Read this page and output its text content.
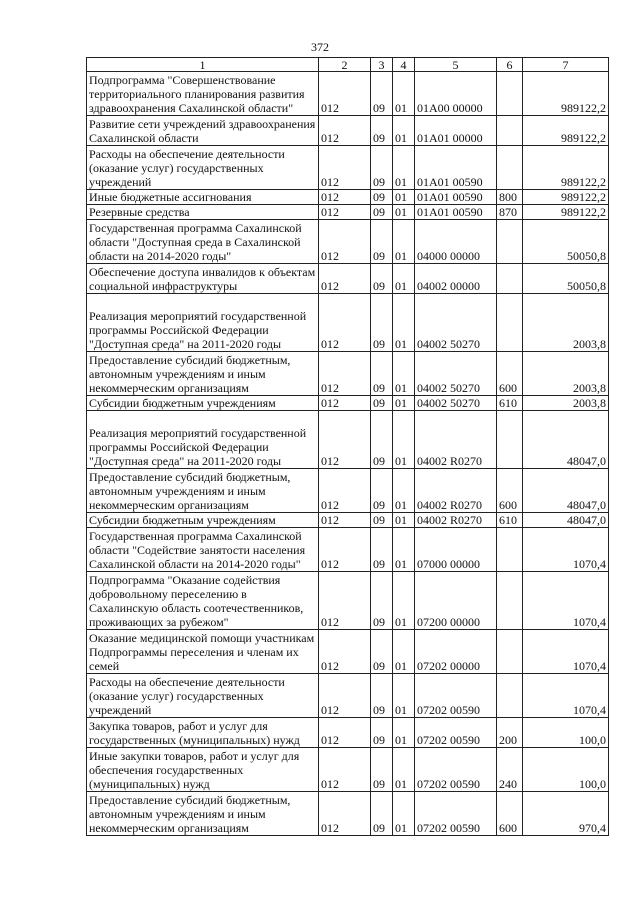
372
1	2	3	4	5	6	7
Подпрограмма "Совершенствование территориального планирования развития здравоохранения Сахалинской области"	012	09	01	01А00 00000		989122,2
Развитие сети учреждений здравоохранения Сахалинской области	012	09	01	01А01 00000		989122,2
Расходы на обеспечение деятельности (оказание услуг) государственных учреждений	012	09	01	01А01 00590		989122,2
Иные бюджетные ассигнования	012	09	01	01А01 00590	800	989122,2
Резервные средства	012	09	01	01А01 00590	870	989122,2
Государственная программа Сахалинской области "Доступная среда в Сахалинской области на 2014-2020 годы"	012	09	01	04000 00000		50050,8
Обеспечение доступа инвалидов к объектам социальной инфраструктуры	012	09	01	04002 00000		50050,8
Реализация мероприятий государственной программы Российской Федерации "Доступная среда" на 2011-2020 годы	012	09	01	04002 50270		2003,8
Предоставление субсидий бюджетным, автономным учреждениям и иным некоммерческим организациям	012	09	01	04002 50270	600	2003,8
Субсидии бюджетным учреждениям	012	09	01	04002 50270	610	2003,8
Реализация мероприятий государственной программы Российской Федерации "Доступная среда" на 2011-2020 годы	012	09	01	04002 R0270		48047,0
Предоставление субсидий бюджетным, автономным учреждениям и иным некоммерческим организациям	012	09	01	04002 R0270	600	48047,0
Субсидии бюджетным учреждениям	012	09	01	04002 R0270	610	48047,0
Государственная программа Сахалинской области "Содействие занятости населения Сахалинской области на 2014-2020 годы"	012	09	01	07000 00000		1070,4
Подпрограмма "Оказание содействия добровольному переселению в Сахалинскую область соотечественников, проживающих за рубежом"	012	09	01	07200 00000		1070,4
Оказание медицинской помощи участникам Подпрограммы переселения и членам их семей	012	09	01	07202 00000		1070,4
Расходы на обеспечение деятельности (оказание услуг) государственных учреждений	012	09	01	07202 00590		1070,4
Закупка товаров, работ и услуг для государственных (муниципальных) нужд	012	09	01	07202 00590	200	100,0
Иные закупки товаров, работ и услуг для обеспечения государственных (муниципальных) нужд	012	09	01	07202 00590	240	100,0
Предоставление субсидий бюджетным, автономным учреждениям и иным некоммерческим организациям	012	09	01	07202 00590	600	970,4
